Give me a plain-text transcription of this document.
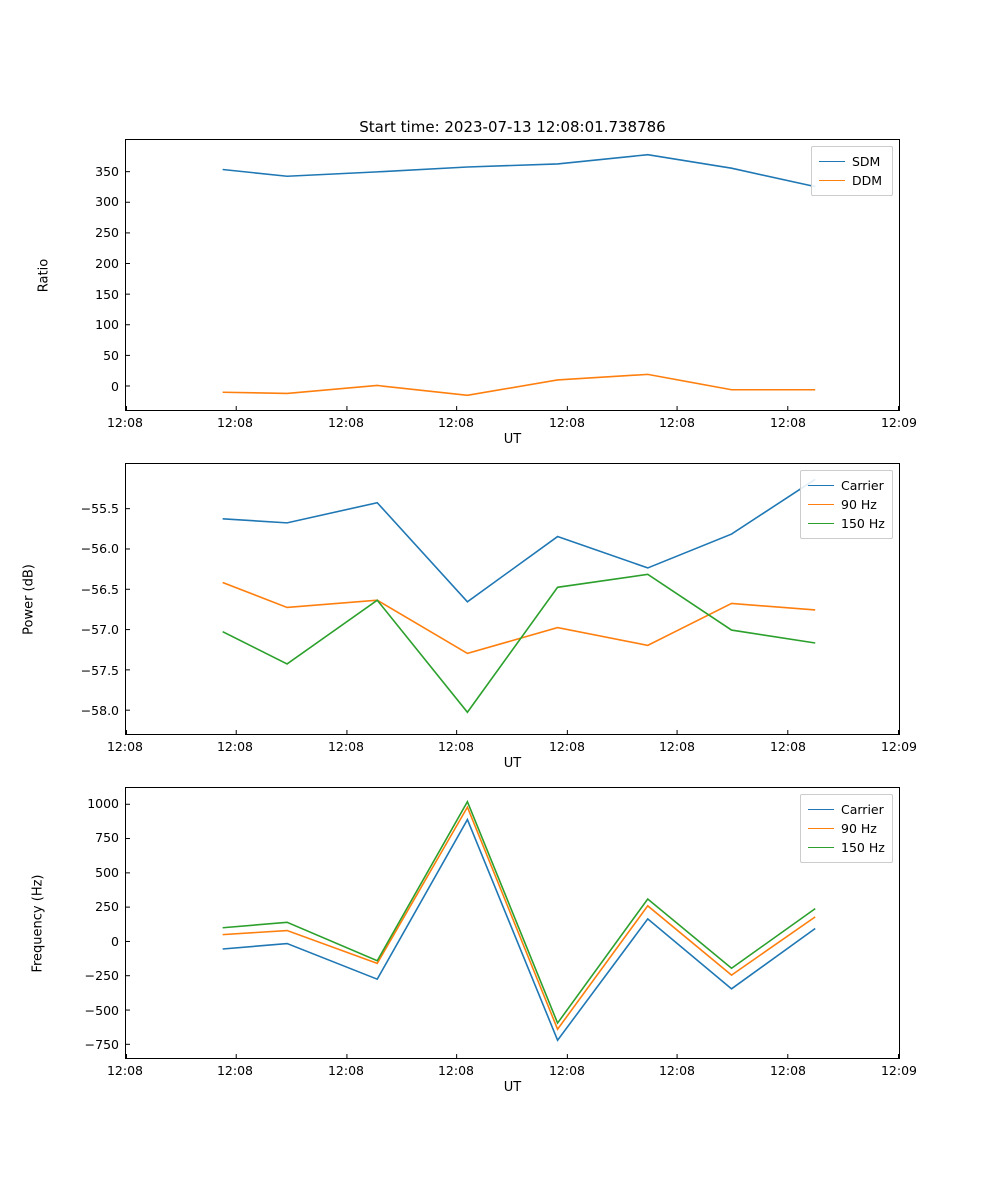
Start time: 2023-07-13 12:08:01.738786
12:08	12:08	12:08	12:08	12:08	12:08	12:08	12:09
0
50
100
150
200
250
300
350
UT
Ratio
SDM
DDM
12:08	12:08	12:08	12:08	12:08	12:08	12:08	12:09
−58.0
−57.5
−57.0
−56.5
−56.0
−55.5
UT
Power (dB)
Carrier
90 Hz
150 Hz
12:08	12:08	12:08	12:08	12:08	12:08	12:08	12:09
−750
−500
−250
0
250
500
750
1000
UT
Frequency (Hz)
Carrier
90 Hz
150 Hz
